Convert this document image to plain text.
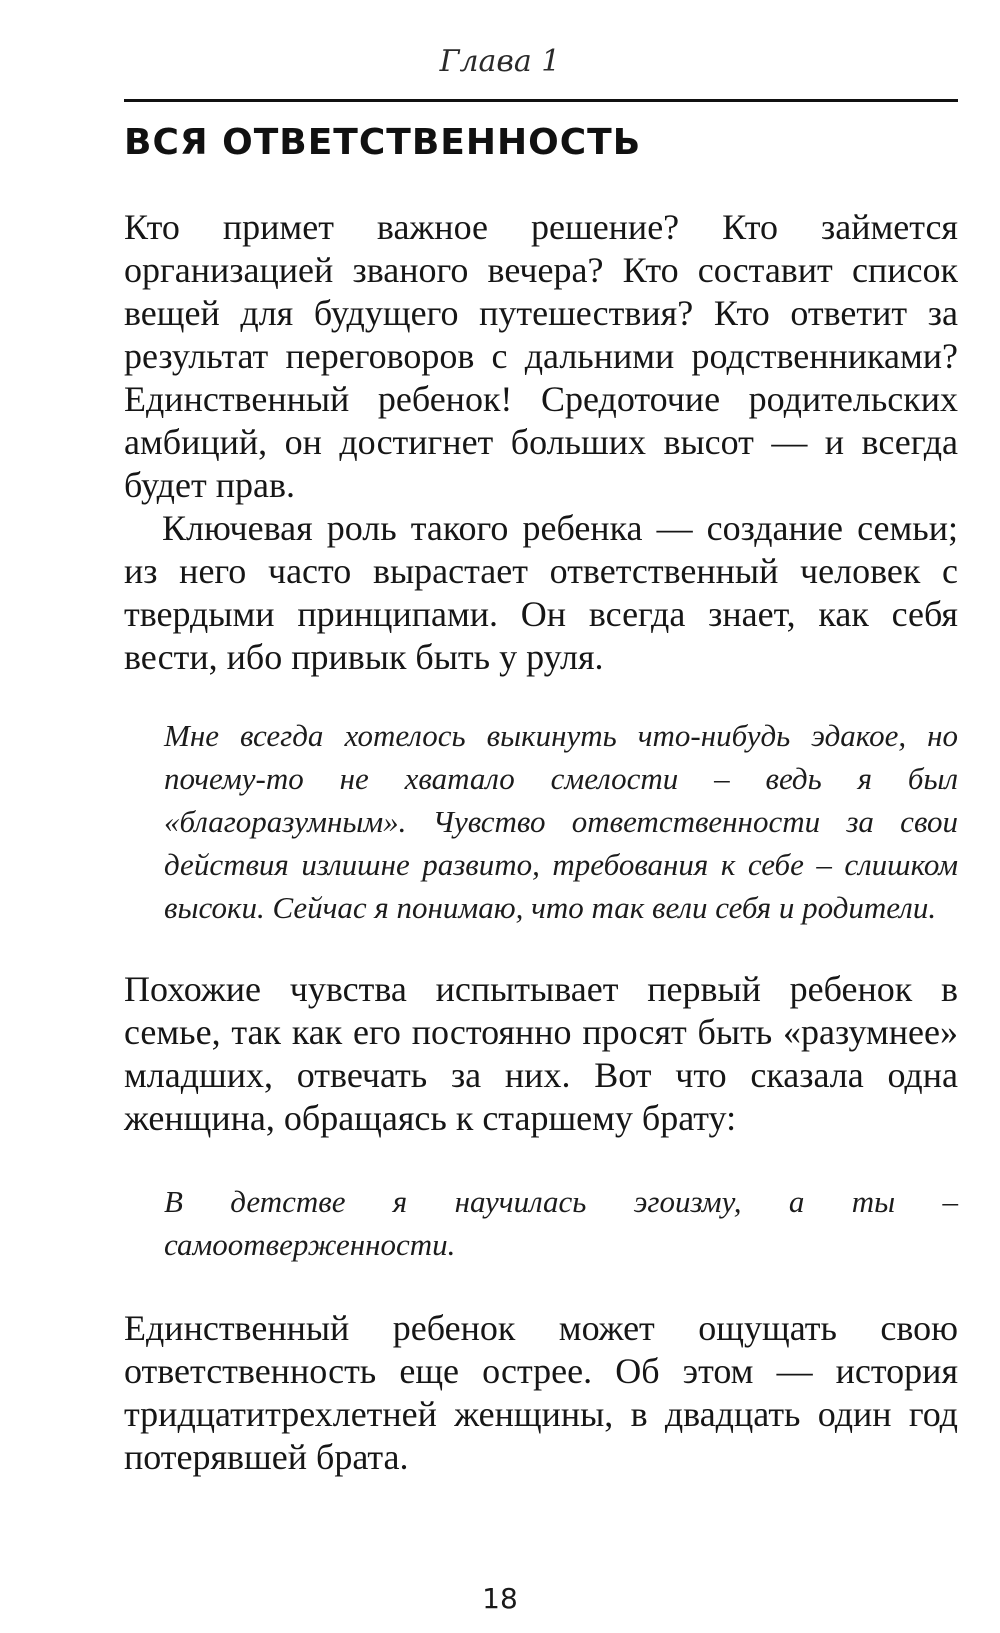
Глава 1
ВСЯ ОТВЕТСТВЕННОСТЬ

Кто примет важное решение? Кто займется организацией званого вечера? Кто составит список вещей для будущего путешествия? Кто ответит за результат переговоров с дальними родственниками? Единственный ребенок! Средоточие родительских амбиций, он достигнет больших высот — и всегда будет прав.

Ключевая роль такого ребенка — создание семьи; из него часто вырастает ответственный человек с твердыми принципами. Он всегда знает, как себя вести, ибо привык быть у руля.

Мне всегда хотелось выкинуть что-нибудь эдакое, но почему-то не хватало смелости – ведь я был «благоразумным». Чувство ответственности за свои действия излишне развито, требования к себе – слишком высоки. Сейчас я понимаю, что так вели себя и родители.

Похожие чувства испытывает первый ребенок в семье, так как его постоянно просят быть «разумнее» младших, отвечать за них. Вот что сказала одна женщина, обращаясь к старшему брату:

В детстве я научилась эгоизму, а ты – самоотверженности.

Единственный ребенок может ощущать свою ответственность еще острее. Об этом — история тридцатитрехлетней женщины, в двадцать один год потерявшей брата.

18
